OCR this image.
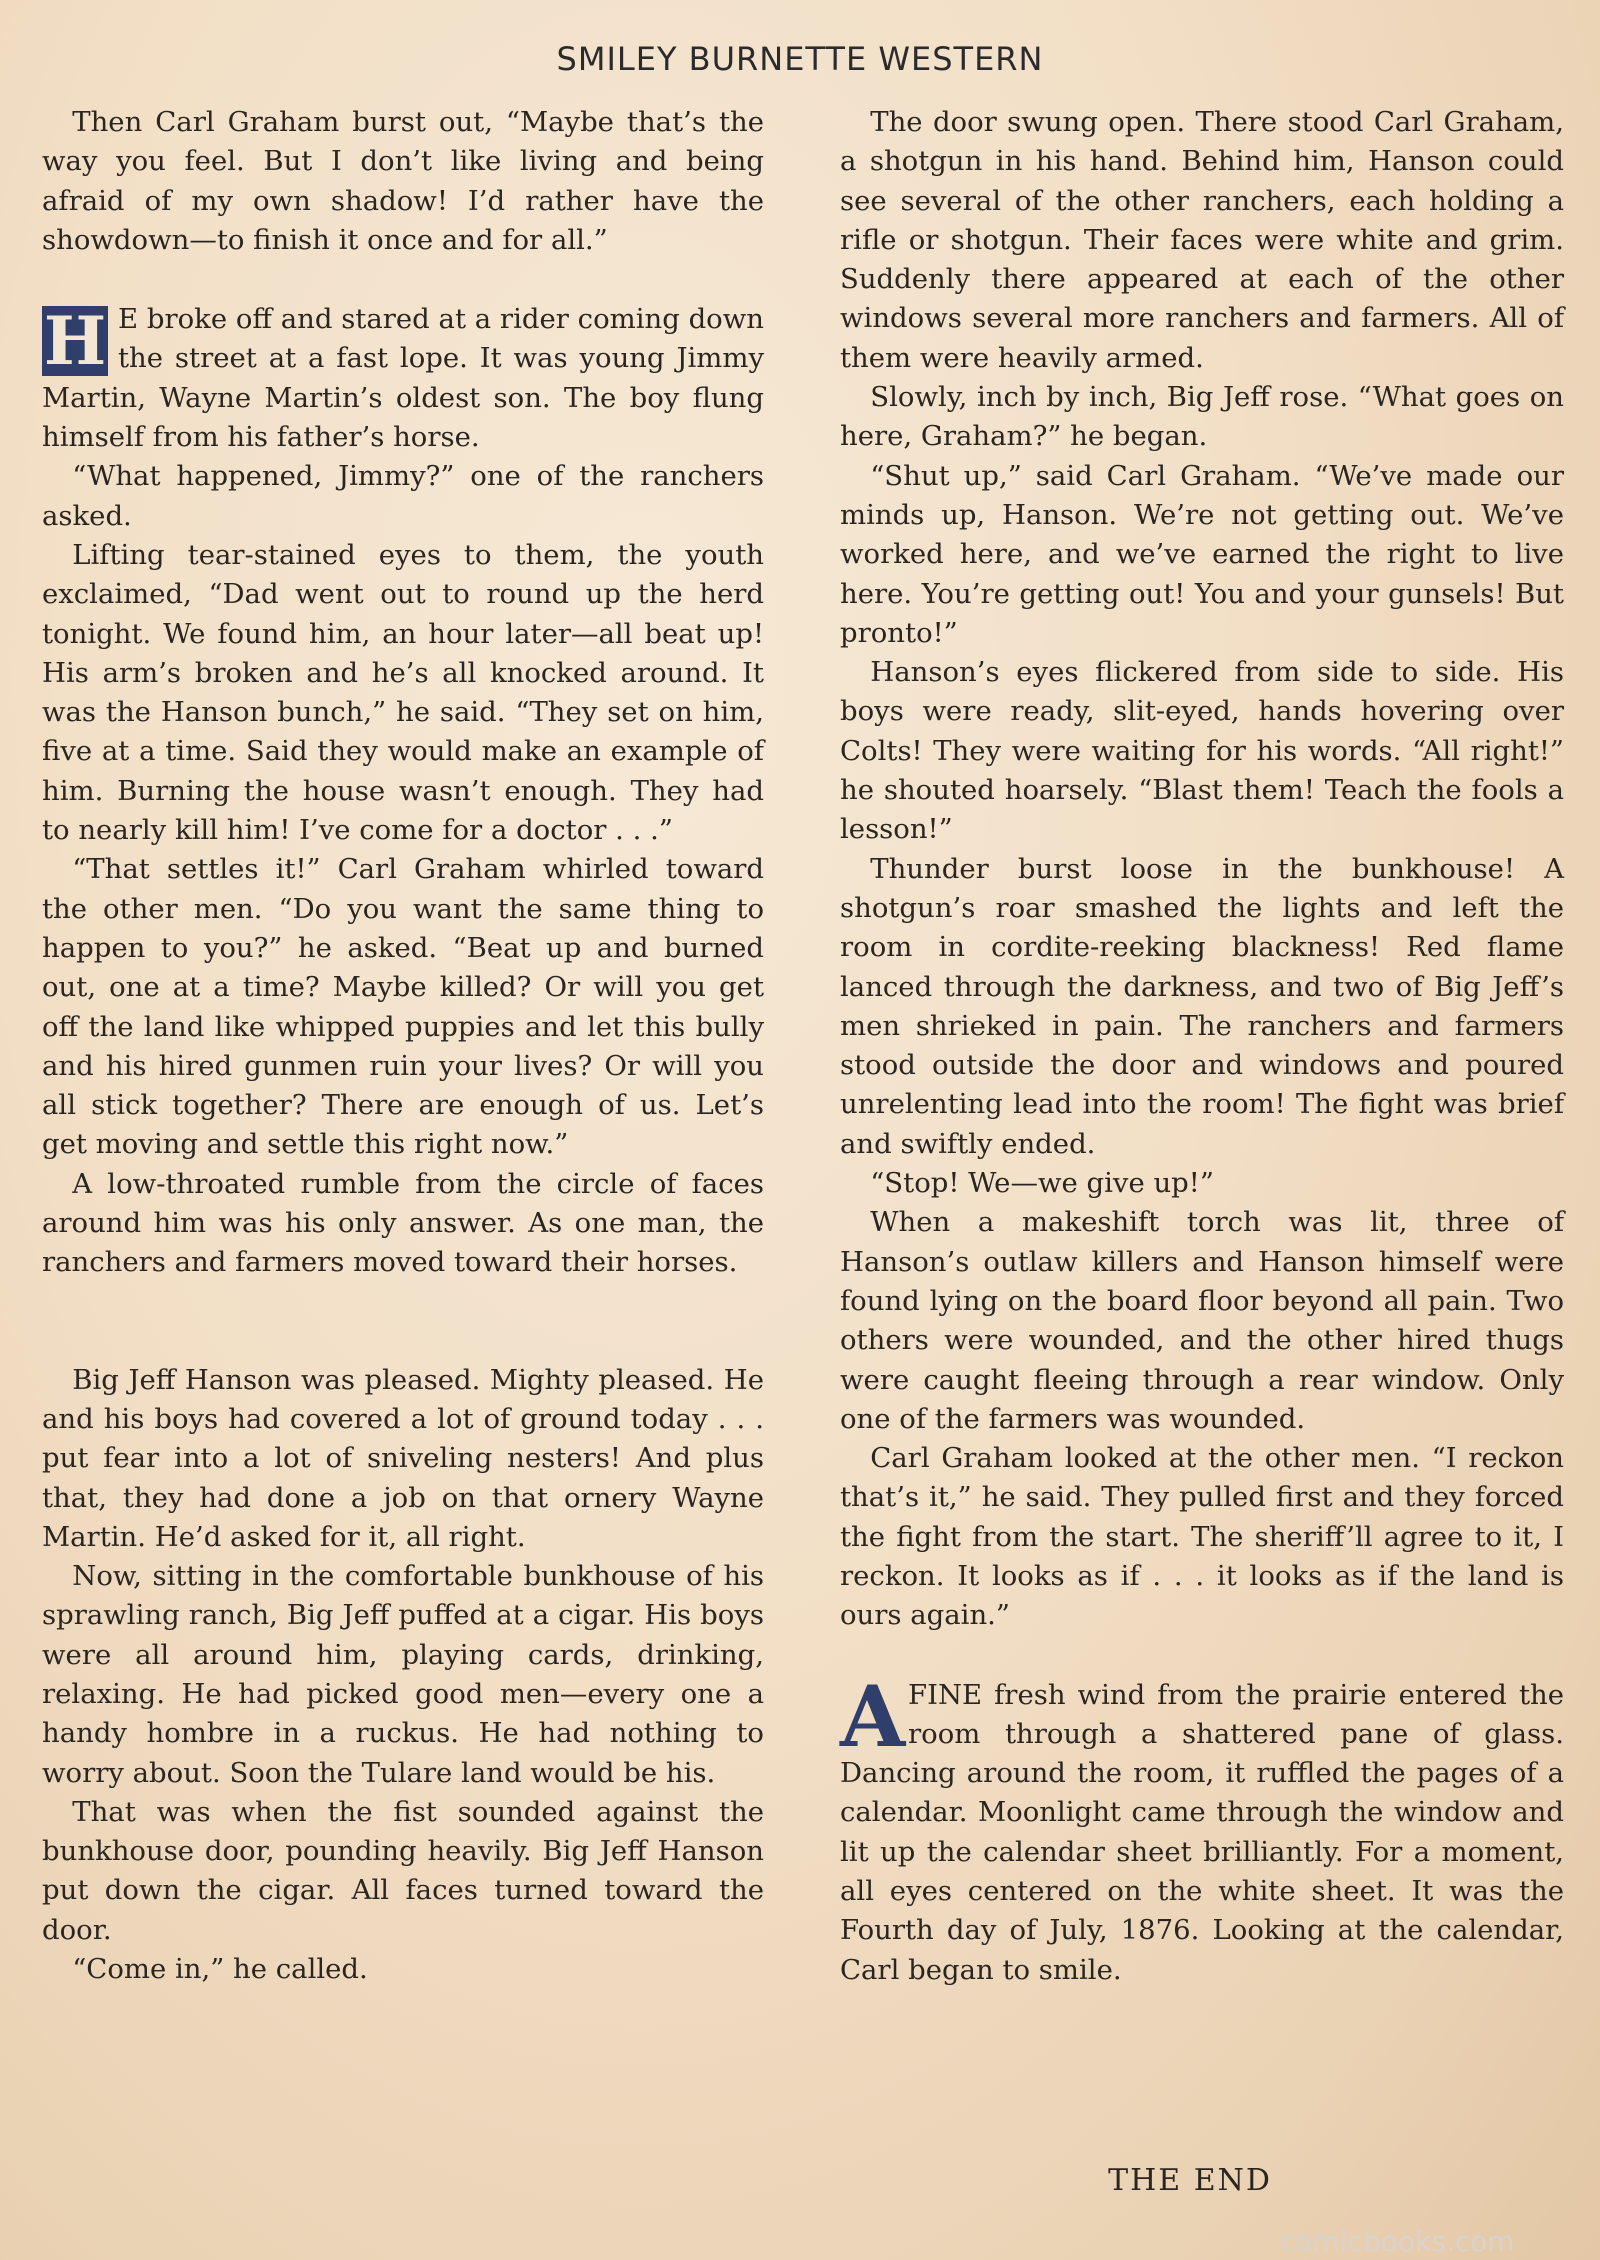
SMILEY BURNETTE WESTERN

Then Carl Graham burst out, “Maybe that’s the way you feel. But I don’t like living and being afraid of my own shadow! I’d rather have the showdown—to finish it once and for all.”

H E broke off and stared at a rider coming down the street at a fast lope. It was young Jimmy Martin, Wayne Martin’s oldest son. The boy flung himself from his father’s horse.

“What happened, Jimmy?” one of the ranchers asked.

Lifting tear-stained eyes to them, the youth exclaimed, “Dad went out to round up the herd tonight. We found him, an hour later—all beat up! His arm’s broken and he’s all knocked around. It was the Hanson bunch,” he said. “They set on him, five at a time. Said they would make an example of him. Burning the house wasn’t enough. They had to nearly kill him! I’ve come for a doctor . . .”

“That settles it!” Carl Graham whirled toward the other men. “Do you want the same thing to happen to you?” he asked. “Beat up and burned out, one at a time? Maybe killed? Or will you get off the land like whipped puppies and let this bully and his hired gunmen ruin your lives? Or will you all stick together? There are enough of us. Let’s get moving and settle this right now.”

A low-throated rumble from the circle of faces around him was his only answer. As one man, the ranchers and farmers moved toward their horses.

Big Jeff Hanson was pleased. Mighty pleased. He and his boys had covered a lot of ground today . . . put fear into a lot of sniveling nesters! And plus that, they had done a job on that ornery Wayne Martin. He’d asked for it, all right.

Now, sitting in the comfortable bunkhouse of his sprawling ranch, Big Jeff puffed at a cigar. His boys were all around him, playing cards, drinking, relaxing. He had picked good men—every one a handy hombre in a ruckus. He had nothing to worry about. Soon the Tulare land would be his.

That was when the fist sounded against the bunkhouse door, pounding heavily. Big Jeff Hanson put down the cigar. All faces turned toward the door.

“Come in,” he called.

The door swung open. There stood Carl Graham, a shotgun in his hand. Behind him, Hanson could see several of the other ranchers, each holding a rifle or shotgun. Their faces were white and grim. Suddenly there appeared at each of the other windows several more ranchers and farmers. All of them were heavily armed.

Slowly, inch by inch, Big Jeff rose. “What goes on here, Graham?” he began.

“Shut up,” said Carl Graham. “We’ve made our minds up, Hanson. We’re not getting out. We’ve worked here, and we’ve earned the right to live here. You’re getting out! You and your gunsels! But pronto!”

Hanson’s eyes flickered from side to side. His boys were ready, slit-eyed, hands hovering over Colts! They were waiting for his words. “All right!” he shouted hoarsely. “Blast them! Teach the fools a lesson!”

Thunder burst loose in the bunkhouse! A shotgun’s roar smashed the lights and left the room in cordite-reeking blackness! Red flame lanced through the darkness, and two of Big Jeff’s men shrieked in pain. The ranchers and farmers stood outside the door and windows and poured unrelenting lead into the room! The fight was brief and swiftly ended.

“Stop! We—we give up!”

When a makeshift torch was lit, three of Hanson’s outlaw killers and Hanson himself were found lying on the board floor beyond all pain. Two others were wounded, and the other hired thugs were caught fleeing through a rear window. Only one of the farmers was wounded.

Carl Graham looked at the other men. “I reckon that’s it,” he said. They pulled first and they forced the fight from the start. The sheriff’ll agree to it, I reckon. It looks as if . . . it looks as if the land is ours again.”

A FINE fresh wind from the prairie entered the room through a shattered pane of glass. Dancing around the room, it ruffled the pages of a calendar. Moonlight came through the window and lit up the calendar sheet brilliantly. For a moment, all eyes centered on the white sheet. It was the Fourth day of July, 1876. Looking at the calendar, Carl began to smile.

THE END
comicbooks.com
